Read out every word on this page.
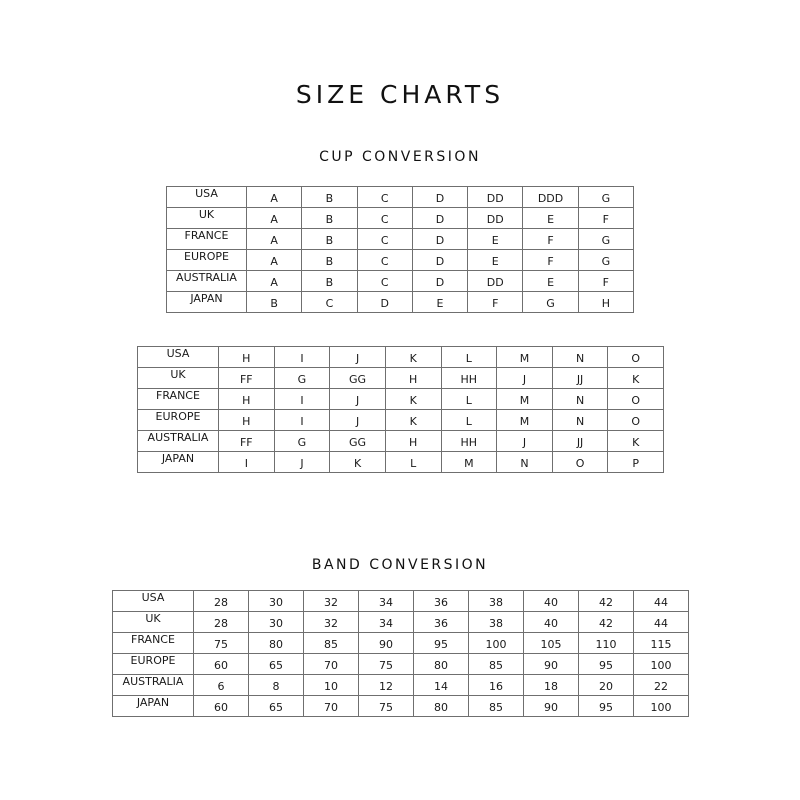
SIZE CHARTS
CUP CONVERSION
USA	A	B	C	D	DD	DDD	G
UK	A	B	C	D	DD	E	F
FRANCE	A	B	C	D	E	F	G
EUROPE	A	B	C	D	E	F	G
AUSTRALIA	A	B	C	D	DD	E	F
JAPAN	B	C	D	E	F	G	H
USA	H	I	J	K	L	M	N	O
UK	FF	G	GG	H	HH	J	JJ	K
FRANCE	H	I	J	K	L	M	N	O
EUROPE	H	I	J	K	L	M	N	O
AUSTRALIA	FF	G	GG	H	HH	J	JJ	K
JAPAN	I	J	K	L	M	N	O	P
BAND CONVERSION
USA	28	30	32	34	36	38	40	42	44
UK	28	30	32	34	36	38	40	42	44
FRANCE	75	80	85	90	95	100	105	110	115
EUROPE	60	65	70	75	80	85	90	95	100
AUSTRALIA	6	8	10	12	14	16	18	20	22
JAPAN	60	65	70	75	80	85	90	95	100
